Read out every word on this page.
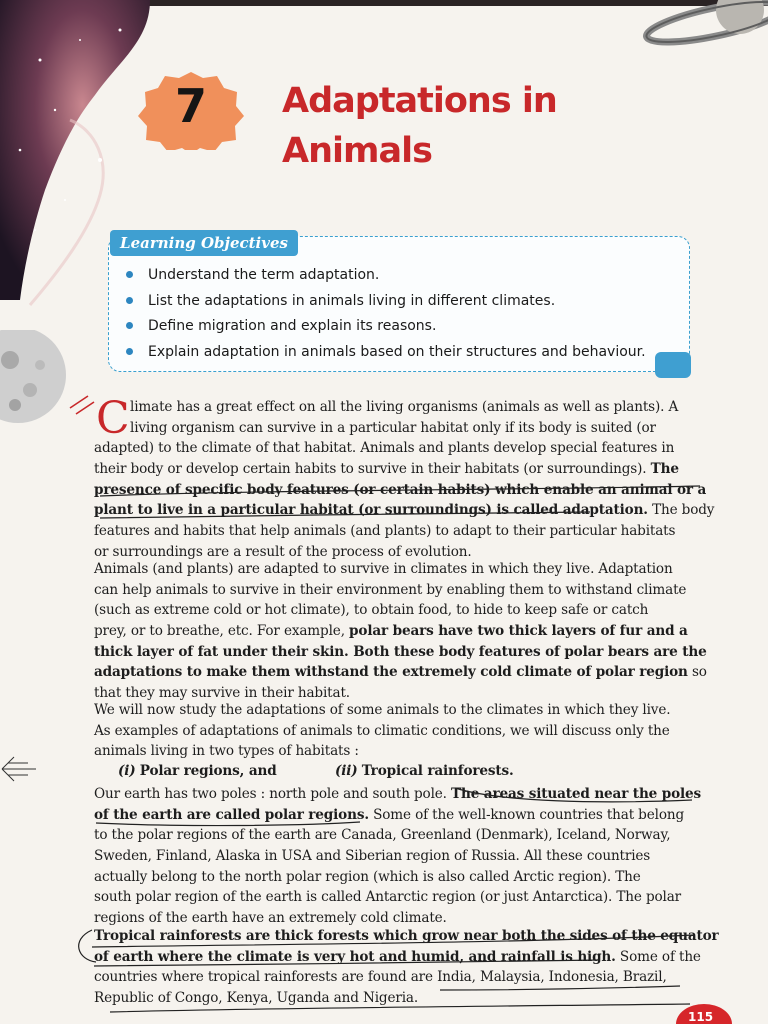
7	Adaptations in Animals
Learning Objectives
Understand the term adaptation.
List the adaptations in animals living in different climates.
Define migration and explain its reasons.
Explain adaptation in animals based on their structures and behaviour.
C limate has a great effect on all the living organisms (animals as well as plants). A
living organism can survive in a particular habitat only if its body is suited (or
adapted) to the climate of that habitat. Animals and plants develop special features in
their body or develop certain habits to survive in their habitats (or surroundings). The
presence of specific body features (or certain habits) which enable an animal or a
plant to live in a particular habitat (or surroundings) is called adaptation. The body
features and habits that help animals (and plants) to adapt to their particular habitats
or surroundings are a result of the process of evolution.
Animals (and plants) are adapted to survive in climates in which they live. Adaptation
can help animals to survive in their environment by enabling them to withstand climate
(such as extreme cold or hot climate), to obtain food, to hide to keep safe or catch
prey, or to breathe, etc. For example, polar bears have two thick layers of fur and a
thick layer of fat under their skin. Both these body features of polar bears are the
adaptations to make them withstand the extremely cold climate of polar region so
that they may survive in their habitat.
We will now study the adaptations of some animals to the climates in which they live.
As examples of adaptations of animals to climatic conditions, we will discuss only the
animals living in two types of habitats :
(i) Polar regions, and	(ii) Tropical rainforests.
Our earth has two poles : north pole and south pole. The areas situated near the poles
of the earth are called polar regions. Some of the well-known countries that belong
to the polar regions of the earth are Canada, Greenland (Denmark), Iceland, Norway,
Sweden, Finland, Alaska in USA and Siberian region of Russia. All these countries
actually belong to the north polar region (which is also called Arctic region). The
south polar region of the earth is called Antarctic region (or just Antarctica). The polar
regions of the earth have an extremely cold climate.
Tropical rainforests are thick forests which grow near both the sides of the equator
of earth where the climate is very hot and humid, and rainfall is high. Some of the
countries where tropical rainforests are found are India, Malaysia, Indonesia, Brazil,
Republic of Congo, Kenya, Uganda and Nigeria.
115
